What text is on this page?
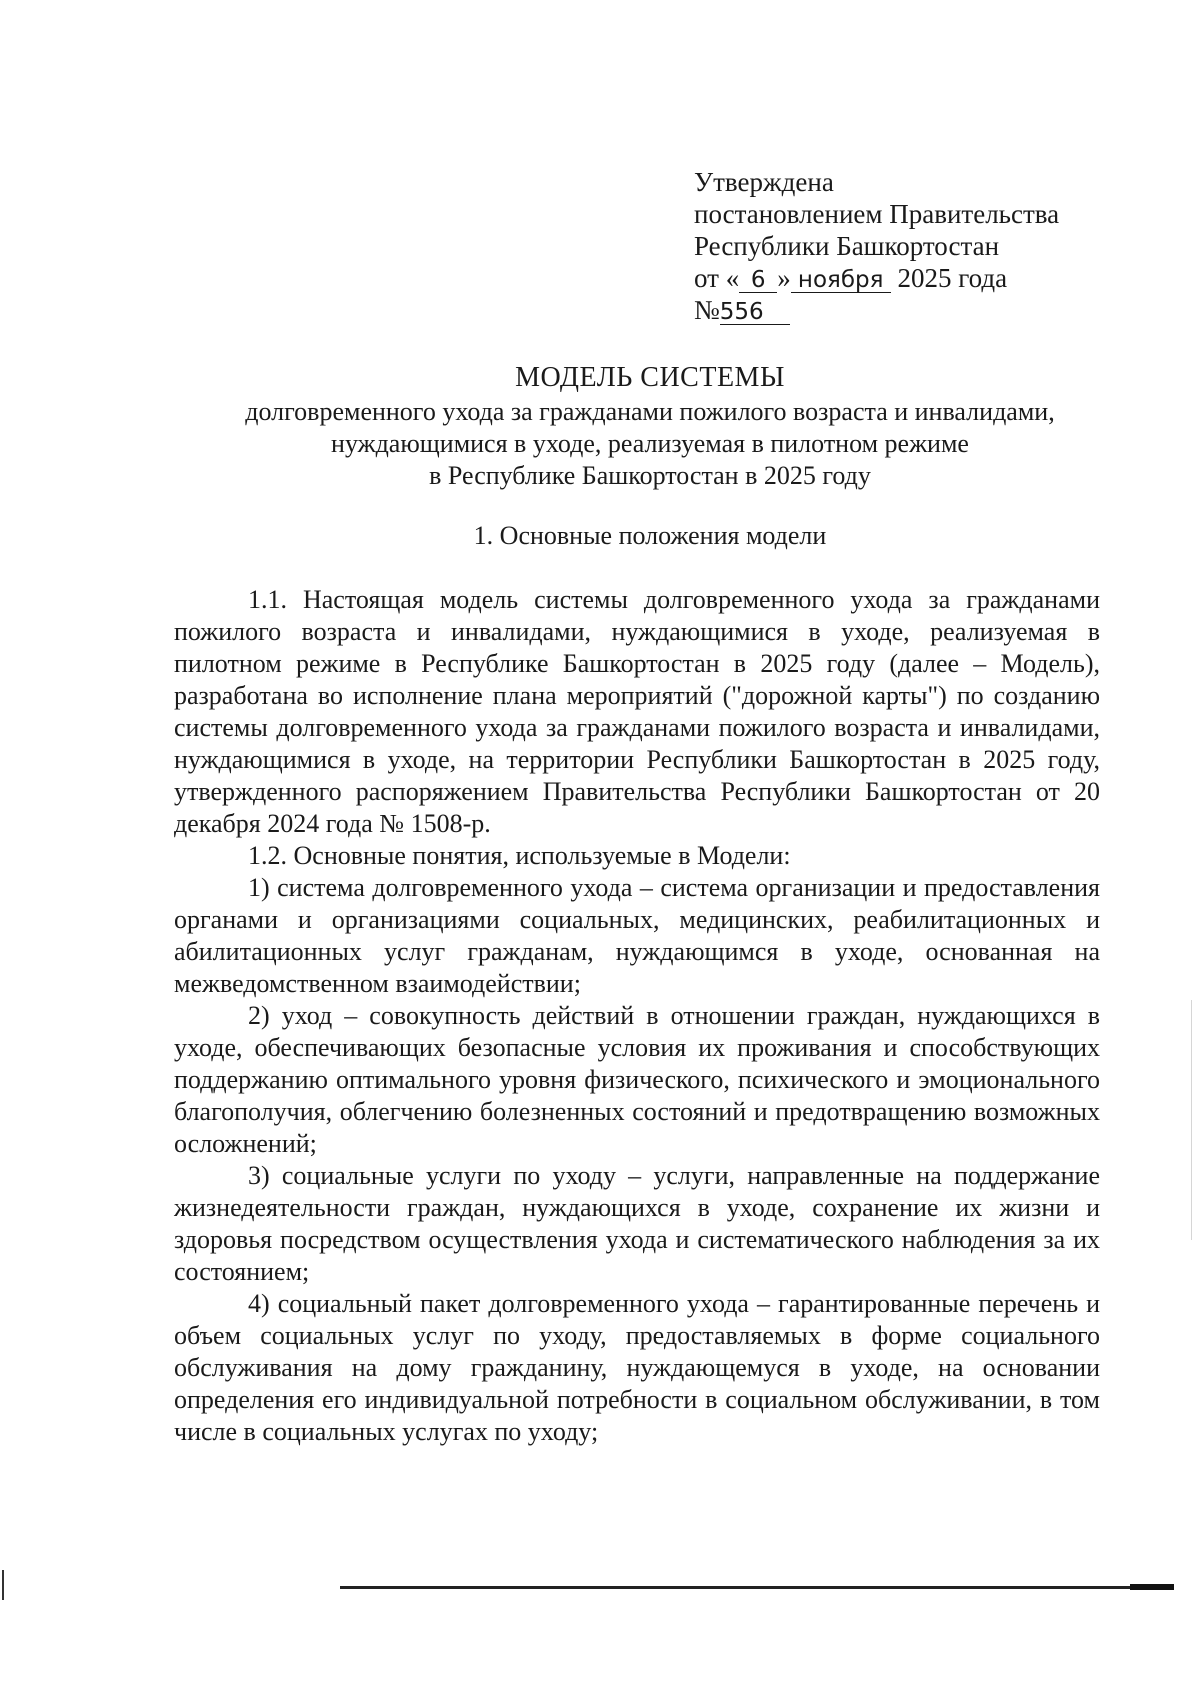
Утверждена
постановлением Правительства
Республики Башкортостан
от « 6 » ноября 2025 года
№556
МОДЕЛЬ СИСТЕМЫ
долговременного ухода за гражданами пожилого возраста и инвалидами,
нуждающимися в уходе, реализуемая в пилотном режиме
в Республике Башкортостан в 2025 году
1. Основные положения модели

1.1. Настоящая модель системы долговременного ухода за гражданами пожилого возраста и инвалидами, нуждающимися в уходе, реализуемая в пилотном режиме в Республике Башкортостан в 2025 году (далее – Модель), разработана во исполнение плана мероприятий ("дорожной карты") по созданию системы долговременного ухода за гражданами пожилого возраста и инвалидами, нуждающимися в уходе, на территории Республики Башкортостан в 2025 году, утвержденного распоряжением Правительства Республики Башкортостан от 20 декабря 2024 года № 1508-р.

1.2. Основные понятия, используемые в Модели:

1) система долговременного ухода – система организации и предоставления органами и организациями социальных, медицинских, реабилитационных и абилитационных услуг гражданам, нуждающимся в уходе, основанная на межведомственном взаимодействии;

2) уход – совокупность действий в отношении граждан, нуждающихся в уходе, обеспечивающих безопасные условия их проживания и способствующих поддержанию оптимального уровня физического, психического и эмоционального благополучия, облегчению болезненных состояний и предотвращению возможных осложнений;

3) социальные услуги по уходу – услуги, направленные на поддержание жизнедеятельности граждан, нуждающихся в уходе, сохранение их жизни и здоровья посредством осуществления ухода и систематического наблюдения за их состоянием;

4) социальный пакет долговременного ухода – гарантированные перечень и объем социальных услуг по уходу, предоставляемых в форме социального обслуживания на дому гражданину, нуждающемуся в уходе, на основании определения его индивидуальной потребности в социальном обслуживании, в том числе в социальных услугах по уходу;
